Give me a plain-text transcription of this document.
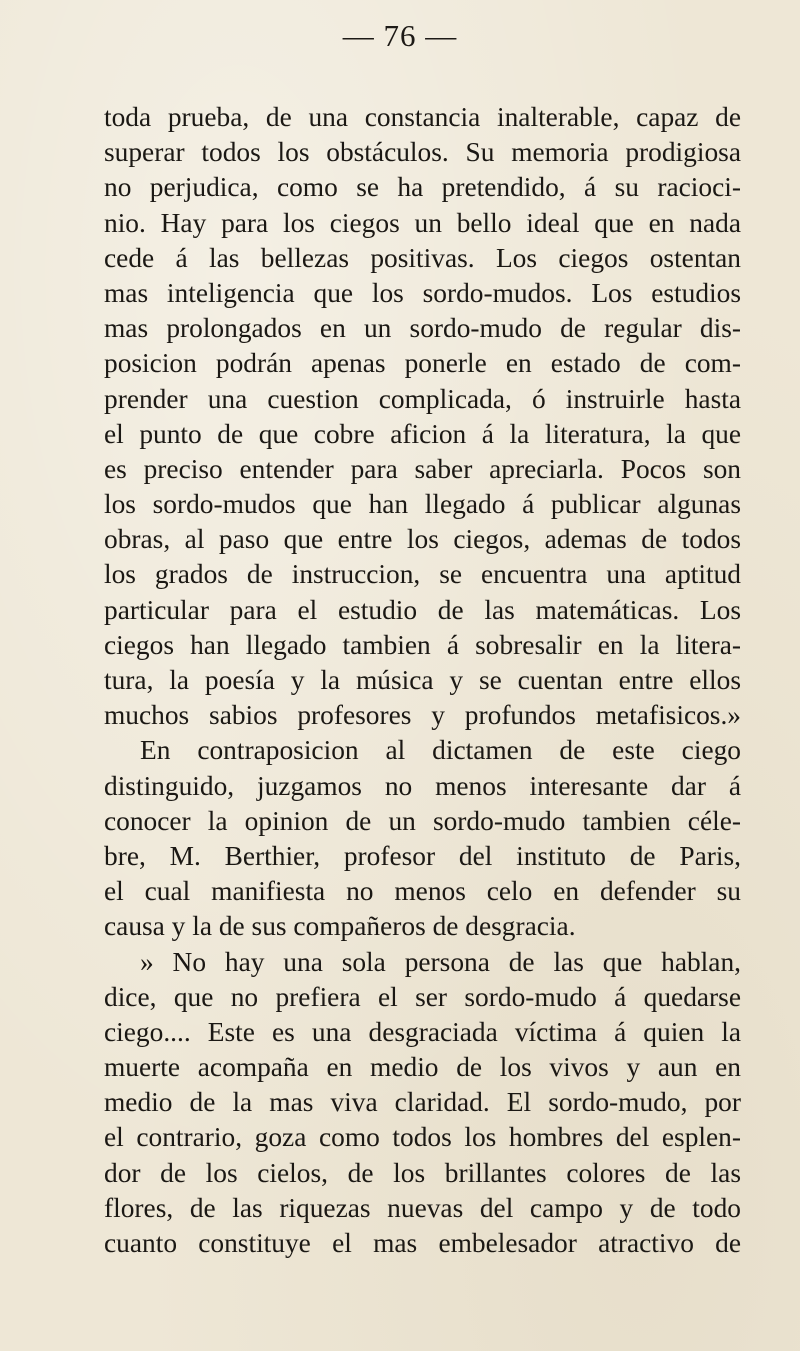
— 76 —
toda prueba, de una constancia inalterable, capaz de
superar todos los obstáculos. Su memoria prodigiosa
no perjudica, como se ha pretendido, á su racioci-
nio. Hay para los ciegos un bello ideal que en nada
cede á las bellezas positivas. Los ciegos ostentan
mas inteligencia que los sordo-mudos. Los estudios
mas prolongados en un sordo-mudo de regular dis-
posicion podrán apenas ponerle en estado de com-
prender una cuestion complicada, ó instruirle hasta
el punto de que cobre aficion á la literatura, la que
es preciso entender para saber apreciarla. Pocos son
los sordo-mudos que han llegado á publicar algunas
obras, al paso que entre los ciegos, ademas de todos
los grados de instruccion, se encuentra una aptitud
particular para el estudio de las matemáticas. Los
ciegos han llegado tambien á sobresalir en la litera-
tura, la poesía y la música y se cuentan entre ellos
muchos sabios profesores y profundos metafisicos.»
En contraposicion al dictamen de este ciego
distinguido, juzgamos no menos interesante dar á
conocer la opinion de un sordo-mudo tambien céle-
bre, M. Berthier, profesor del instituto de Paris,
el cual manifiesta no menos celo en defender su
causa y la de sus compañeros de desgracia.
» No hay una sola persona de las que hablan,
dice, que no prefiera el ser sordo-mudo á quedarse
ciego.... Este es una desgraciada víctima á quien la
muerte acompaña en medio de los vivos y aun en
medio de la mas viva claridad. El sordo-mudo, por
el contrario, goza como todos los hombres del esplen-
dor de los cielos, de los brillantes colores de las
flores, de las riquezas nuevas del campo y de todo
cuanto constituye el mas embelesador atractivo de
